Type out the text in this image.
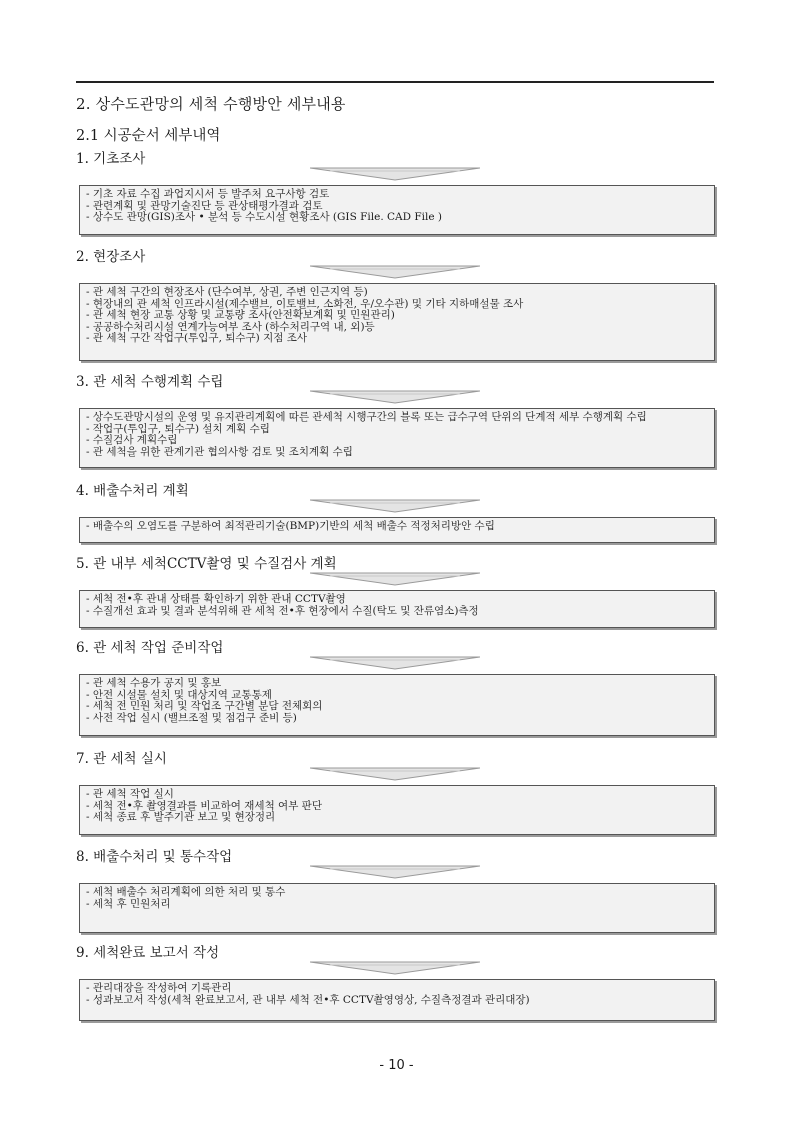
2. 상수도관망의 세척 수행방안 세부내용
2.1 시공순서 세부내역
1. 기초조사
- 기초 자료 수집 과업지시서 등 발주처 요구사항 검토
- 관련계획 및 관망기술진단 등 관상태평가결과 검토
- 상수도 관망(GIS)조사 • 분석 등 수도시설 현황조사 (GIS File. CAD File )
2. 현장조사
- 관 세척 구간의 현장조사 (단수여부, 상권, 주변 인근지역 등)
- 현장내의 관 세척 인프라시설(제수밸브, 이토밸브, 소화전, 우/오수관) 및 기타 지하매설물 조사
- 관 세척 현장 교통 상황 및 교통량 조사(안전확보계획 및 민원관리)
- 공공하수처리시설 연계가능여부 조사 (하수처리구역 내, 외)등
- 관 세척 구간 작업구(투입구, 퇴수구) 지점 조사
3. 관 세척 수행계획 수립
- 상수도관망시설의 운영 및 유지관리계획에 따른 관세척 시행구간의 블록 또는 급수구역 단위의 단계적 세부 수행계획 수립
- 작업구(투입구, 퇴수구) 설치 계획 수립
- 수질검사 계획수립
- 관 세척을 위한 관계기관 협의사항 검토 및 조치계획 수립
4. 배출수처리 계획
- 배출수의 오염도를 구분하여 최적관리기술(BMP)기반의 세척 배출수 적정처리방안 수립
5. 관 내부 세척CCTV촬영 및 수질검사 계획
- 세척 전•후 관내 상태를 확인하기 위한 관내 CCTV촬영
- 수질개선 효과 및 결과 분석위해 관 세척 전•후 현장에서 수질(탁도 및 잔류염소)측정
6. 관 세척 작업 준비작업
- 관 세척 수용가 공지 및 홍보
- 안전 시설물 설치 및 대상지역 교통통제
- 세척 전 민원 처리 및 작업조 구간별 분담 전체회의
- 사전 작업 실시 (밸브조절 및 점검구 준비 등)
7. 관 세척 실시
- 관 세척 작업 실시
- 세척 전•후 촬영결과를 비교하여 재세척 여부 판단
- 세척 종료 후 발주기관 보고 및 현장정리
8. 배출수처리 및 통수작업
- 세척 배출수 처리계획에 의한 처리 및 통수
- 세척 후 민원처리
9. 세척완료 보고서 작성
- 관리대장을 작성하여 기록관리
- 성과보고서 작성(세척 완료보고서, 관 내부 세척 전•후 CCTV촬영영상, 수질측정결과 관리대장)
- 10 -
